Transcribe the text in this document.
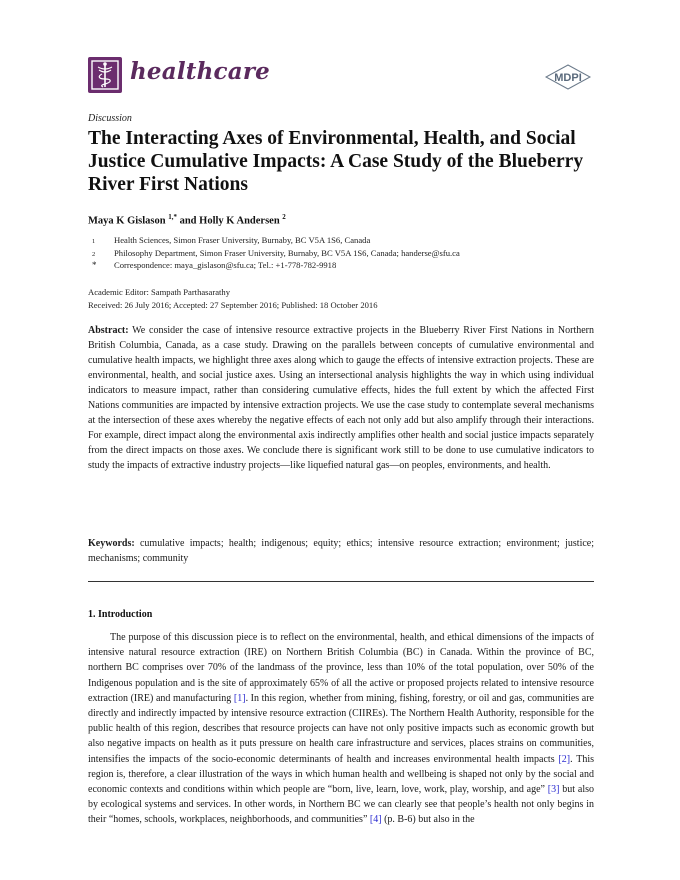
healthcare	MDPI
Discussion
The Interacting Axes of Environmental, Health, and Social Justice Cumulative Impacts: A Case Study of the Blueberry River First Nations
Maya K Gislason $^{1,*}$ and Holly K Andersen $^2$
1	Health Sciences, Simon Fraser University, Burnaby, BC V5A 1S6, Canada
2	Philosophy Department, Simon Fraser University, Burnaby, BC V5A 1S6, Canada; handerse@sfu.ca
*	Correspondence: maya_gislason@sfu.ca; Tel.: +1-778-782-9918
Academic Editor: Sampath Parthasarathy
Received: 26 July 2016; Accepted: 27 September 2016; Published: 18 October 2016

Abstract: We consider the case of intensive resource extractive projects in the Blueberry River First Nations in Northern British Columbia, Canada, as a case study. Drawing on the parallels between concepts of cumulative environmental and cumulative health impacts, we highlight three axes along which to gauge the effects of intensive extraction projects. These are environmental, health, and social justice axes. Using an intersectional analysis highlights the way in which using individual indicators to measure impact, rather than considering cumulative effects, hides the full extent by which the affected First Nations communities are impacted by intensive extraction projects. We use the case study to contemplate several mechanisms at the intersection of these axes whereby the negative effects of each not only add but also amplify through their interactions. For example, direct impact along the environmental axis indirectly amplifies other health and social justice impacts separately from the direct impacts on those axes. We conclude there is significant work still to be done to use cumulative indicators to study the impacts of extractive industry projects—like liquefied natural gas—on peoples, environments, and health.

Keywords: cumulative impacts; health; indigenous; equity; ethics; intensive resource extraction; environment; justice; mechanisms; community

1. Introduction

The purpose of this discussion piece is to reflect on the environmental, health, and ethical dimensions of the impacts of intensive natural resource extraction (IRE) on Northern British Columbia (BC) in Canada. Within the province of BC, northern BC comprises over 70% of the landmass of the province, less than 10% of the total population, over 50% of the Indigenous population and is the site of approximately 65% of all the active or proposed projects related to intensive resource extraction (IRE) and manufacturing [1]. In this region, whether from mining, fishing, forestry, or oil and gas, communities are directly and indirectly impacted by intensive resource extraction (CIIREs). The Northern Health Authority, responsible for the public health of this region, describes that resource projects can have not only positive impacts such as economic growth but also negative impacts on health as it puts pressure on health care infrastructure and services, places strains on communities, intensifies the impacts of the socio-economic determinants of health and increases environmental health impacts [2]. This region is, therefore, a clear illustration of the ways in which human health and wellbeing is shaped not only by the social and economic contexts and conditions within which people are “born, live, learn, love, work, play, worship, and age” [3] but also by ecological systems and services. In other words, in Northern BC we can clearly see that people’s health not only begins in their “homes, schools, workplaces, neighborhoods, and communities” [4] (p. B-6) but also in the
